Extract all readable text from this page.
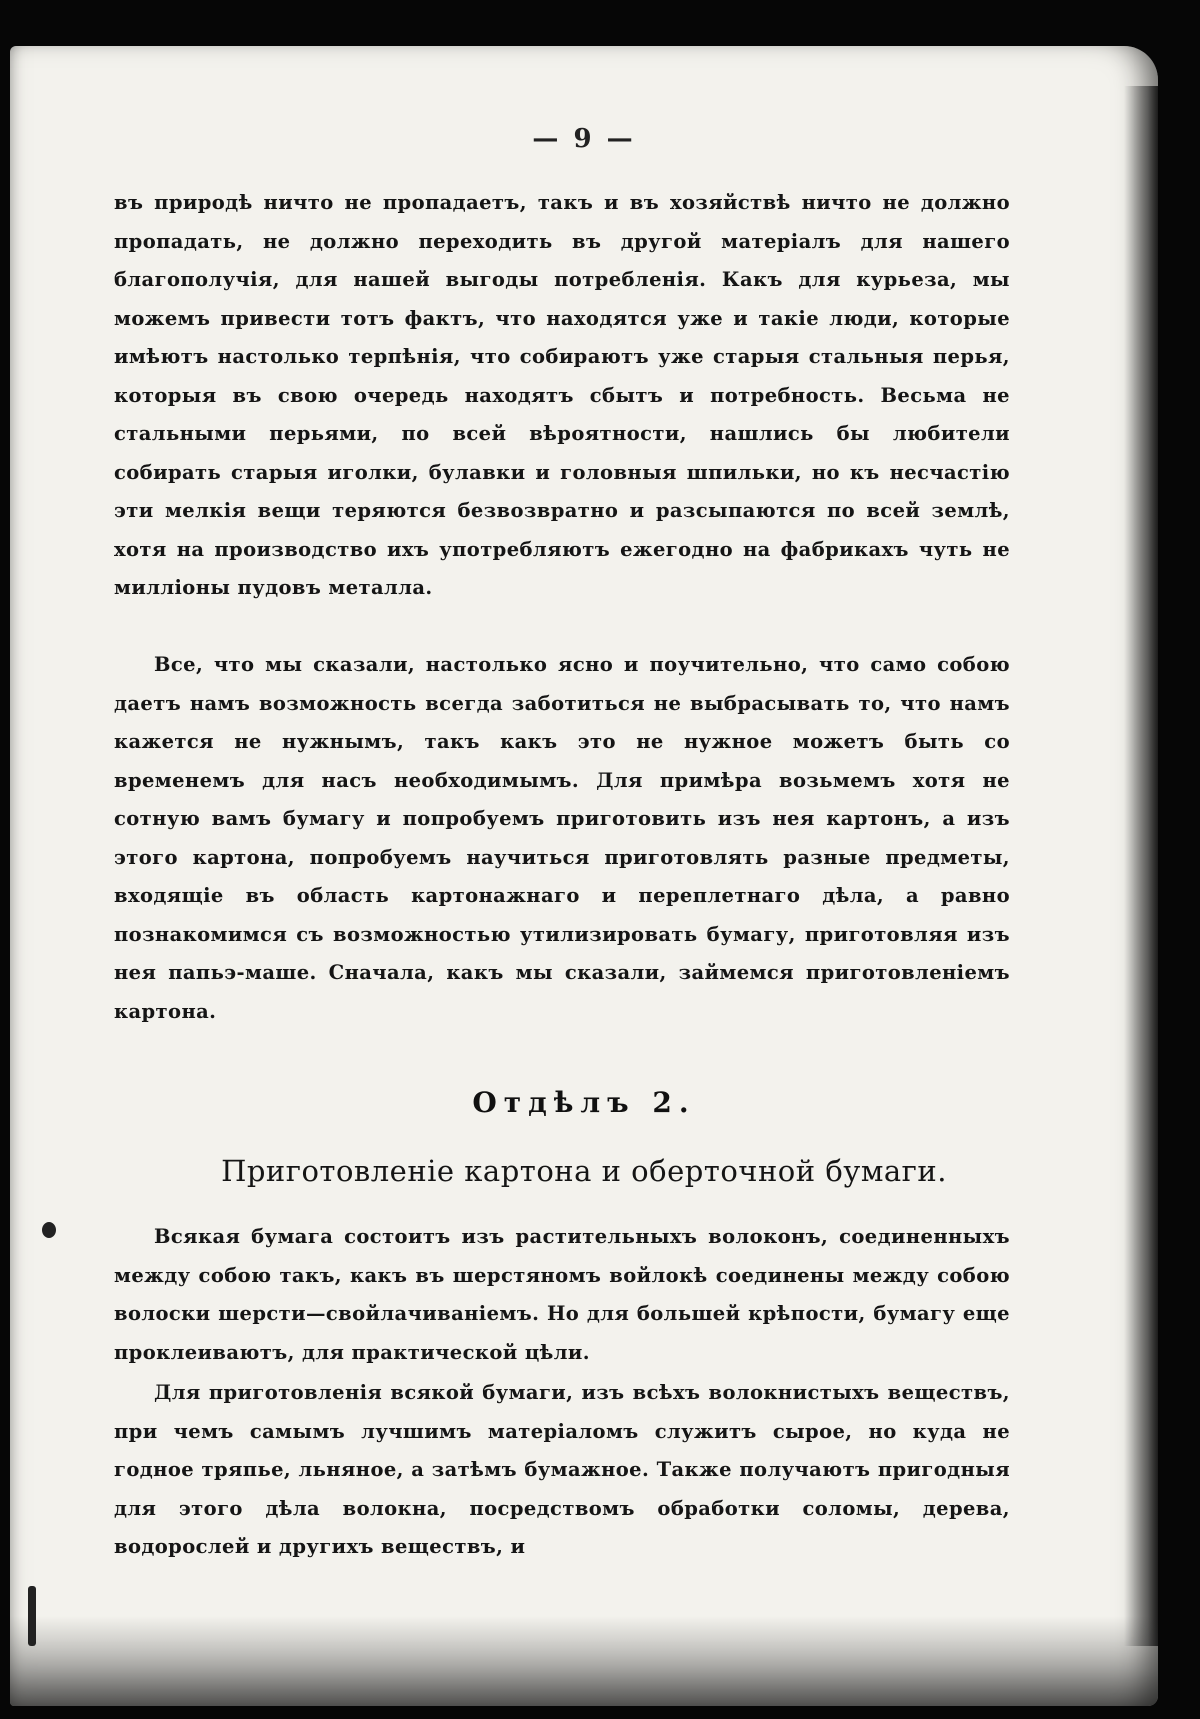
— 9 —

въ природѣ ничто не пропадаетъ, такъ и въ хозяйствѣ ничто не должно пропадать, не должно переходить въ другой матеріалъ для нашего благополучія, для нашей выгоды потребленія. Какъ для курьеза, мы можемъ привести тотъ фактъ, что находятся уже и такіе люди, которые имѣютъ настолько терпѣнія, что собираютъ уже старыя стальныя перья, которыя въ свою очередь находятъ сбытъ и потребность. Весьма не стальными перьями, по всей вѣроятности, нашлись бы любители собирать старыя иголки, булавки и головныя шпильки, но къ несчастію эти мелкія вещи теряются безвозвратно и разсыпаются по всей землѣ, хотя на производство ихъ употребляютъ ежегодно на фабрикахъ чуть не милліоны пудовъ металла.

Все, что мы сказали, настолько ясно и поучительно, что само собою даетъ намъ возможность всегда заботиться не выбрасывать то, что намъ кажется не нужнымъ, такъ какъ это не нужное можетъ быть со временемъ для насъ необходимымъ. Для примѣра возьмемъ хотя не сотную вамъ бумагу и попробуемъ приготовить изъ нея картонъ, а изъ этого картона, попробуемъ научиться приготовлять разные предметы, входящіе въ область картонажнаго и переплетнаго дѣла, а равно познакомимся съ возможностью утилизировать бумагу, приготовляя изъ нея папьэ-маше. Сначала, какъ мы сказали, займемся приготовленіемъ картона.

Отдѣлъ 2.
Приготовленіе картона и оберточной бумаги.

Всякая бумага состоитъ изъ растительныхъ волоконъ, соединенныхъ между собою такъ, какъ въ шерстяномъ войлокѣ соединены между собою волоски шерсти—свойлачиваніемъ. Но для большей крѣпости, бумагу еще проклеиваютъ, для практической цѣли.

Для приготовленія всякой бумаги, изъ всѣхъ волокнистыхъ веществъ, при чемъ самымъ лучшимъ матеріаломъ служитъ сырое, но куда не годное тряпье, льняное, а затѣмъ бумажное. Также получаютъ пригодныя для этого дѣла волокна, посредствомъ обработки соломы, дерева, водорослей и другихъ веществъ, и
